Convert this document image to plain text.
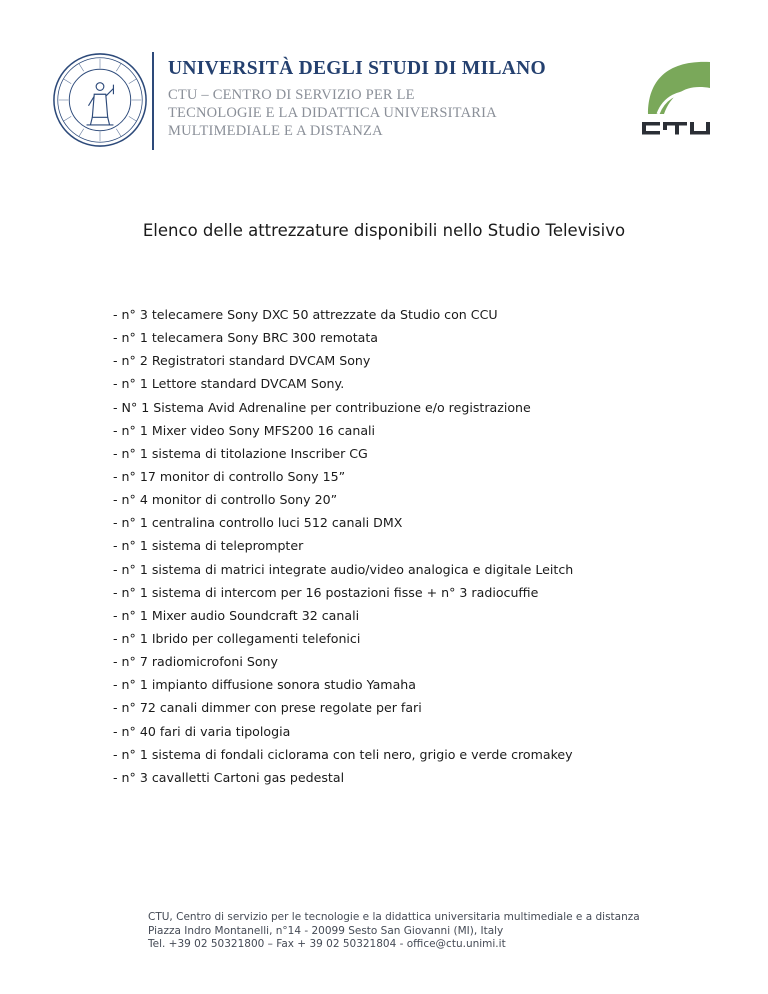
UNIVERSITÀ DEGLI STUDI DI MILANO
CTU – CENTRO DI SERVIZIO PER LE
TECNOLOGIE E LA DIDATTICA UNIVERSITARIA
MULTIMEDIALE E A DISTANZA
Elenco delle attrezzature disponibili nello Studio Televisivo
- n° 3 telecamere Sony DXC 50 attrezzate da Studio con CCU
- n° 1 telecamera Sony BRC 300 remotata
- n° 2 Registratori standard DVCAM Sony
- n° 1 Lettore standard DVCAM Sony.
- N° 1 Sistema Avid Adrenaline per contribuzione e/o registrazione
- n° 1 Mixer video Sony MFS200 16 canali
- n° 1 sistema di titolazione Inscriber CG
- n° 17 monitor di controllo Sony 15”
- n° 4 monitor di controllo Sony 20”
- n° 1 centralina controllo luci 512 canali DMX
- n° 1 sistema di teleprompter
- n° 1 sistema di matrici integrate audio/video analogica e digitale Leitch
- n° 1 sistema di intercom per 16 postazioni fisse + n° 3 radiocuffie
- n° 1 Mixer audio Soundcraft 32 canali
- n° 1 Ibrido per collegamenti telefonici
- n° 7 radiomicrofoni Sony
- n° 1 impianto diffusione sonora studio Yamaha
- n° 72 canali dimmer con prese regolate per fari
- n° 40 fari di varia tipologia
- n° 1 sistema di fondali ciclorama con teli nero, grigio e verde cromakey
- n° 3 cavalletti Cartoni gas pedestal
CTU, Centro di servizio per le tecnologie e la didattica universitaria multimediale e a distanza
Piazza Indro Montanelli, n°14 - 20099 Sesto San Giovanni (MI), Italy
Tel. +39 02 50321800 – Fax + 39 02 50321804 - office@ctu.unimi.it
